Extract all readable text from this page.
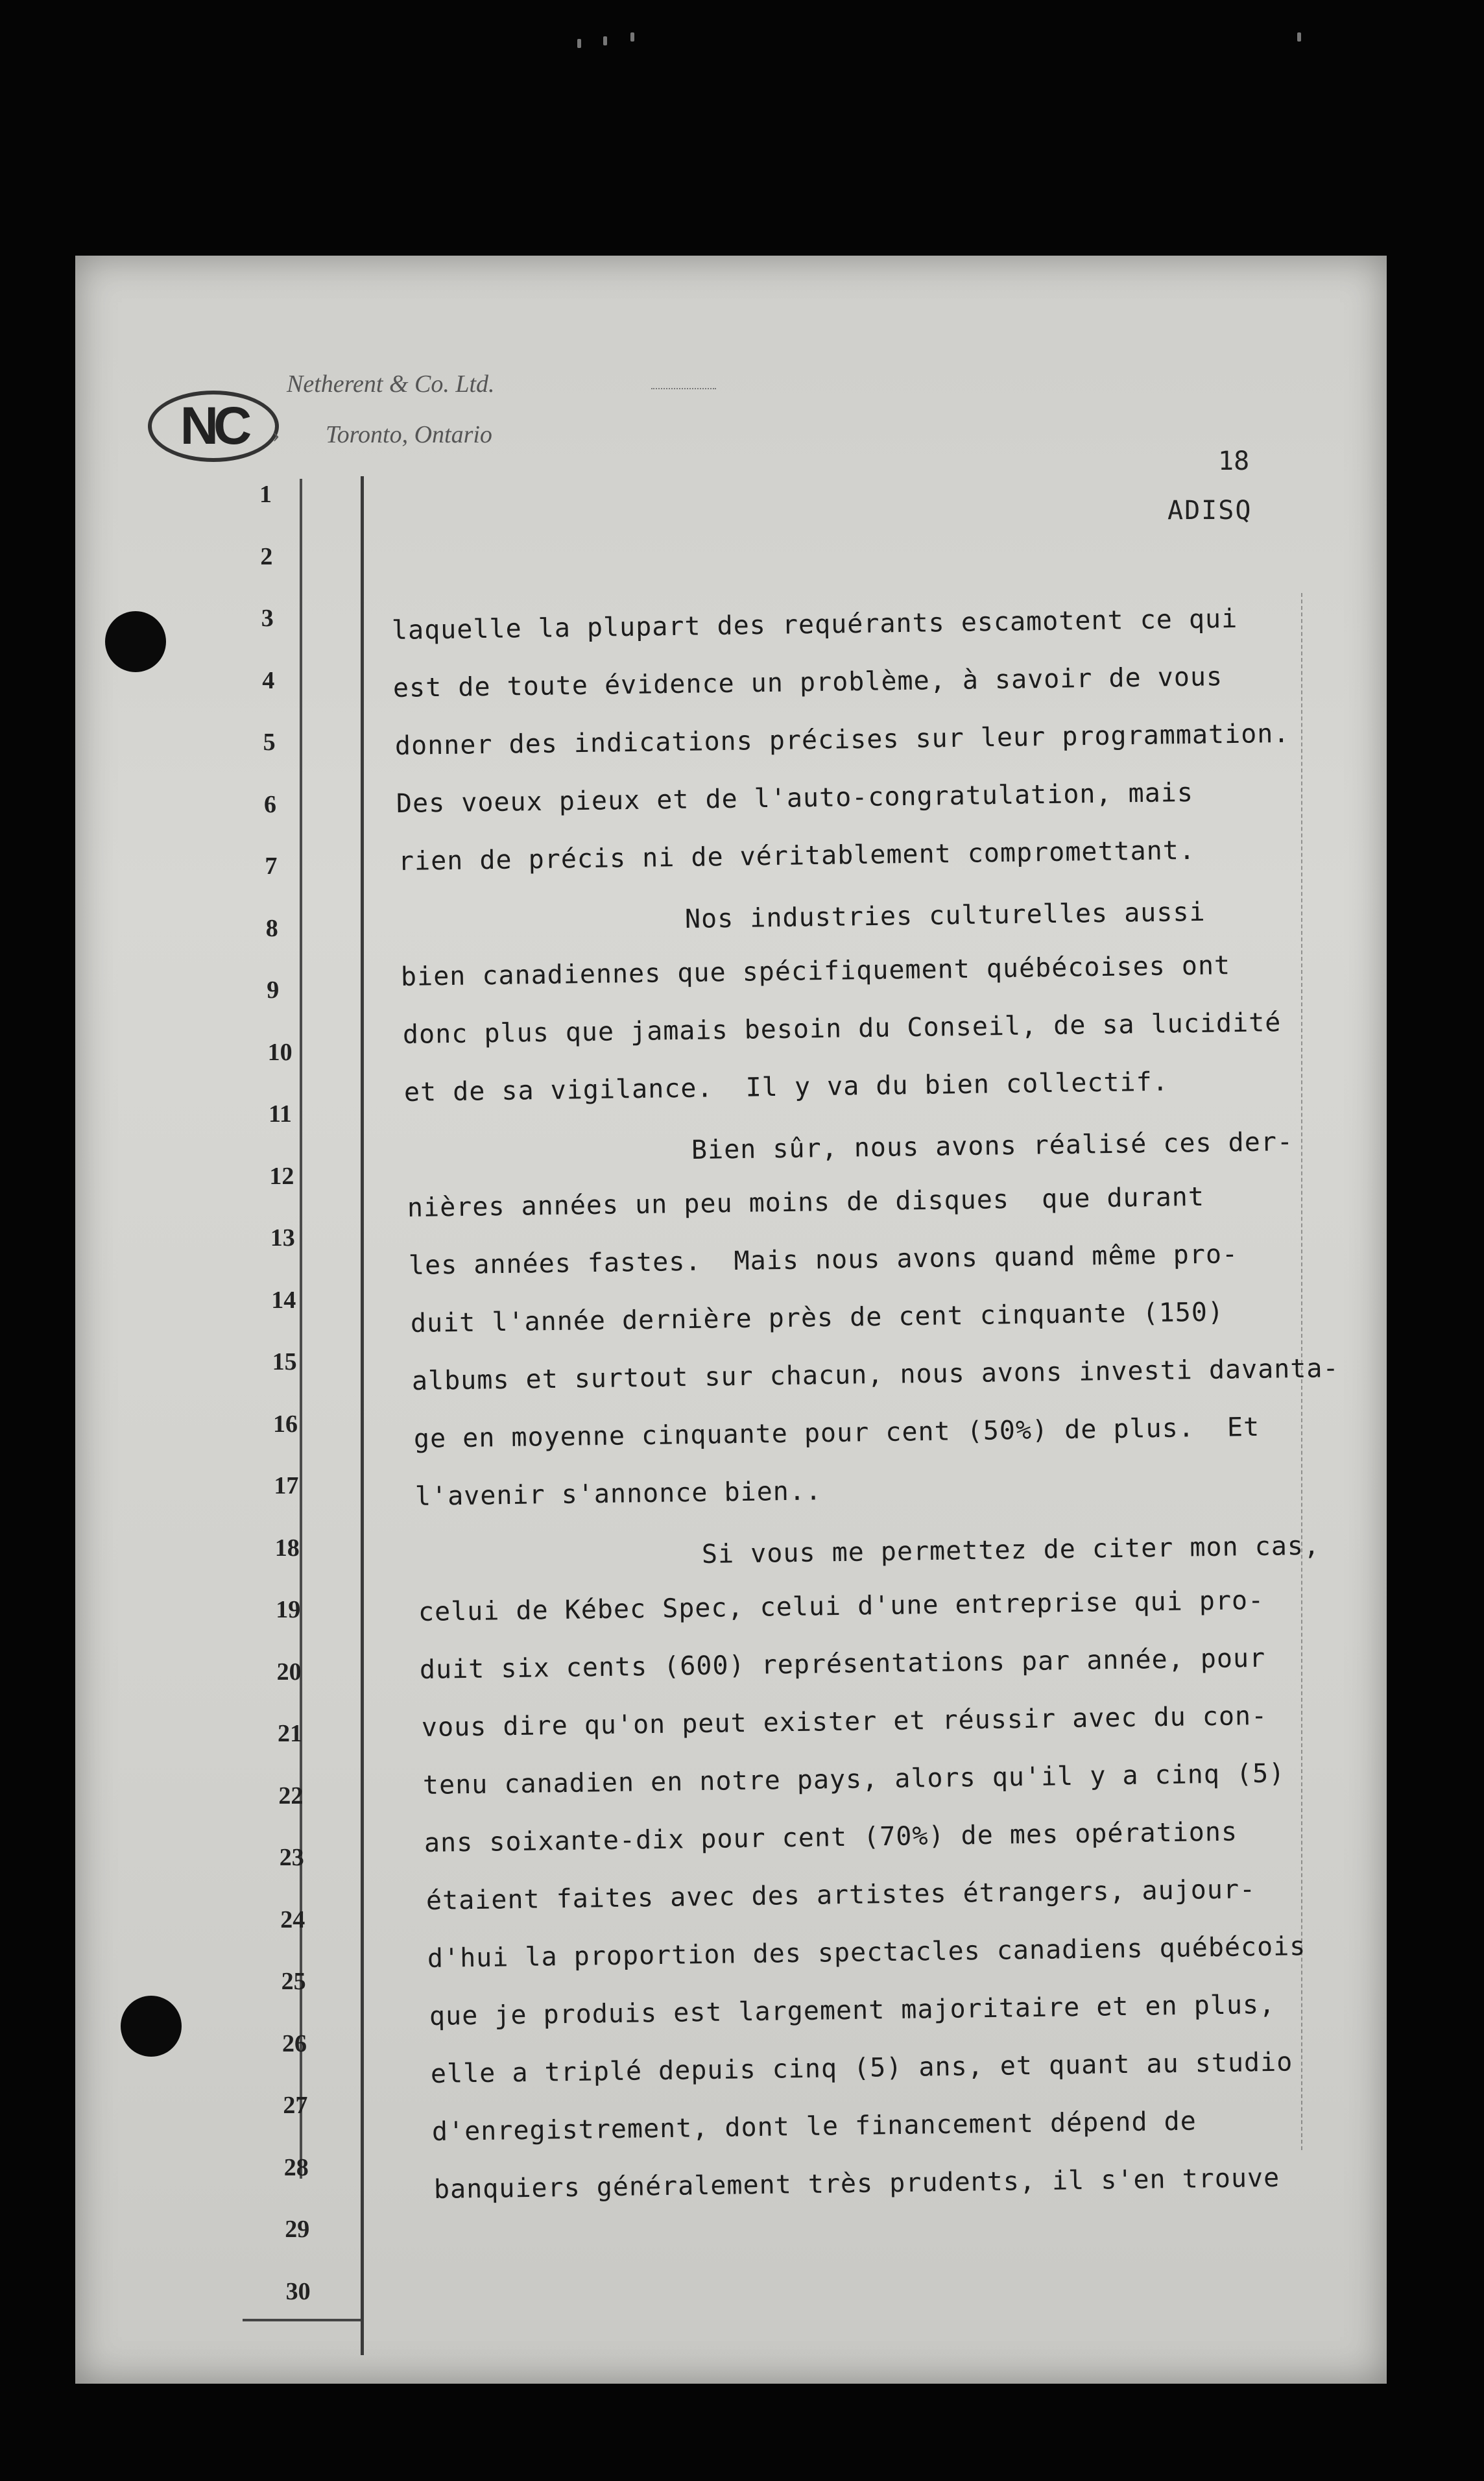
NC
Netherent & Co. Ltd.
› Toronto, Ontario
18
ADISQ
1
2
3
4
5
6
7
8
9
10
11
12
13
14
15
16
17
18
19
20
21
22
23
24
25
26
27
28
29
30
laquelle la plupart des requérants escamotent ce qui
est de toute évidence un problème, à savoir de vous
donner des indications précises sur leur programmation.
Des voeux pieux et de l'auto-congratulation, mais
rien de précis ni de véritablement compromettant.
Nos industries culturelles aussi
bien canadiennes que spécifiquement québécoises ont
donc plus que jamais besoin du Conseil, de sa lucidité
et de sa vigilance.  Il y va du bien collectif.
Bien sûr, nous avons réalisé ces der-
nières années un peu moins de disques  que durant
les années fastes.  Mais nous avons quand même pro-
duit l'année dernière près de cent cinquante (150)
albums et surtout sur chacun, nous avons investi davanta-
ge en moyenne cinquante pour cent (50%) de plus.  Et
l'avenir s'annonce bien..
Si vous me permettez de citer mon cas,
celui de Kébec Spec, celui d'une entreprise qui pro-
duit six cents (600) représentations par année, pour
vous dire qu'on peut exister et réussir avec du con-
tenu canadien en notre pays, alors qu'il y a cinq (5)
ans soixante-dix pour cent (70%) de mes opérations
étaient faites avec des artistes étrangers, aujour-
d'hui la proportion des spectacles canadiens québécois
que je produis est largement majoritaire et en plus,
elle a triplé depuis cinq (5) ans, et quant au studio
d'enregistrement, dont le financement dépend de
banquiers généralement très prudents, il s'en trouve
